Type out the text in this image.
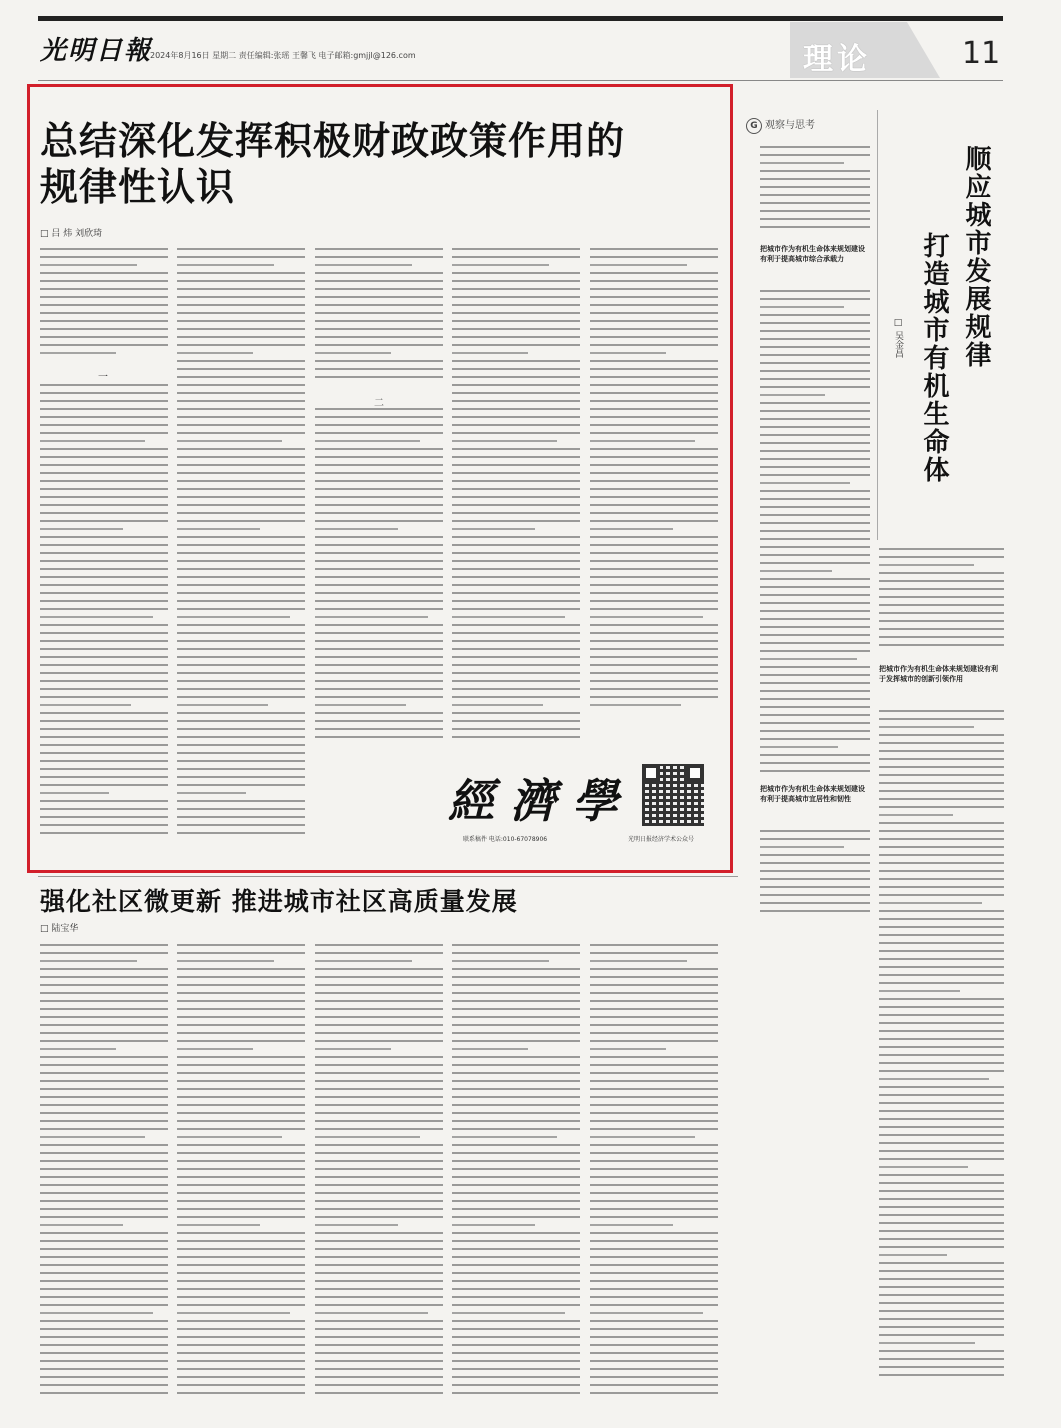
光明日報
2024年8月16日 星期二 责任编辑:张瑶 王馨飞 电子邮箱:gmjjl@126.com	理论	11
总结深化发挥积极财政政策作用的
规律性认识
□ 吕 炜 刘欣琦
一
二
經濟學
联系稿件 电话:010-67078906	光明日报经济学术公众号
G 观察与思考
顺应城市发展规律
打造城市有机生命体
□ 吴金昌
把城市作为有机生命体来规划建设有利于提高城市综合承载力
把城市作为有机生命体来规划建设有利于提高城市宜居性和韧性
把城市作为有机生命体来规划建设有利于发挥城市的创新引领作用
强化社区微更新 推进城市社区高质量发展
□ 陆宝华
